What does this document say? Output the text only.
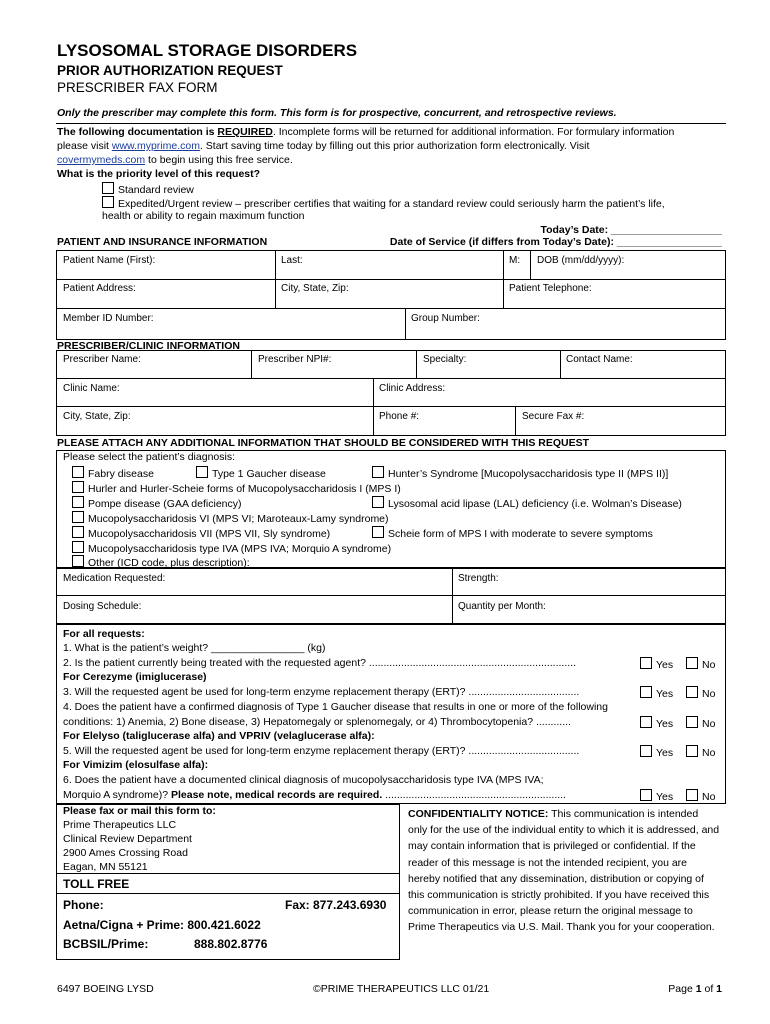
LYSOSOMAL STORAGE DISORDERS
PRIOR AUTHORIZATION REQUEST
PRESCRIBER FAX FORM
Only the prescriber may complete this form. This form is for prospective, concurrent, and retrospective reviews.
The following documentation is REQUIRED. Incomplete forms will be returned for additional information. For formulary information
please visit www.myprime.com. Start saving time today by filling out this prior authorization form electronically. Visit
covermymeds.com to begin using this free service.
What is the priority level of this request?
Standard review
Expedited/Urgent review – prescriber certifies that waiting for a standard review could seriously harm the patient’s life,
health or ability to regain maximum function
Today’s Date: ___________________
PATIENT AND INSURANCE INFORMATION	Date of Service (if differs from Today’s Date): __________________
Patient Name (First):	Last:	M: DOB (mm/dd/yyyy):
Patient Address:	City, State, Zip:	Patient Telephone:
Member ID Number:	Group Number:
PRESCRIBER/CLINIC INFORMATION
Prescriber Name:	Prescriber NPI#:	Specialty:	Contact Name:
Clinic Name:	Clinic Address:
City, State, Zip:	Phone #:	Secure Fax #:
PLEASE ATTACH ANY ADDITIONAL INFORMATION THAT SHOULD BE CONSIDERED WITH THIS REQUEST
Please select the patient’s diagnosis:
Fabry disease	Type 1 Gaucher disease	Hunter’s Syndrome [Mucopolysaccharidosis type II (MPS II)]
Hurler and Hurler-Scheie forms of Mucopolysaccharidosis I (MPS I)
Pompe disease (GAA deficiency)	Lysosomal acid lipase (LAL) deficiency (i.e. Wolman’s Disease)
Mucopolysaccharidosis VI (MPS VI; Maroteaux-Lamy syndrome)
Mucopolysaccharidosis VII (MPS VII, Sly syndrome)	Scheie form of MPS I with moderate to severe symptoms
Mucopolysaccharidosis type IVA (MPS IVA; Morquio A syndrome)
Other (ICD code, plus description): ____________________________________________________________________
Medication Requested:	Strength:
Dosing Schedule:	Quantity per Month:
For all requests:
1. What is the patient’s weight? ________________ (kg)
2. Is the patient currently being treated with the requested agent? .......................................................................	Yes	No
For Cerezyme (imiglucerase)
3. Will the requested agent be used for long-term enzyme replacement therapy (ERT)? ......................................	Yes	No
4. Does the patient have a confirmed diagnosis of Type 1 Gaucher disease that results in one or more of the following
conditions: 1) Anemia, 2) Bone disease, 3) Hepatomegaly or splenomegaly, or 4) Thrombocytopenia? ............	Yes	No
For Elelyso (taliglucerase alfa) and VPRIV (velaglucerase alfa):
5. Will the requested agent be used for long-term enzyme replacement therapy (ERT)? ......................................	Yes	No
For Vimizim (elosulfase alfa):
6. Does the patient have a documented clinical diagnosis of mucopolysaccharidosis type IVA (MPS IVA;
Morquio A syndrome)? Please note, medical records are required. ..............................................................	Yes	No
Please fax or mail this form to:
Prime Therapeutics LLC
Clinical Review Department
2900 Ames Crossing Road
Eagan, MN 55121
TOLL FREE
Phone:	Fax: 877.243.6930
Aetna/Cigna + Prime: 800.421.6022
BCBSIL/Prime:	888.802.8776
CONFIDENTIALITY NOTICE: This communication is intended only for the use of the individual entity to which it is addressed, and may contain information that is privileged or confidential. If the reader of this message is not the intended recipient, you are hereby notified that any dissemination, distribution or copying of this communication is strictly prohibited. If you have received this communication in error, please return the original message to Prime Therapeutics via U.S. Mail. Thank you for your cooperation.
6497 BOEING LYSD	©PRIME THERAPEUTICS LLC 01/21	Page 1 of 1
